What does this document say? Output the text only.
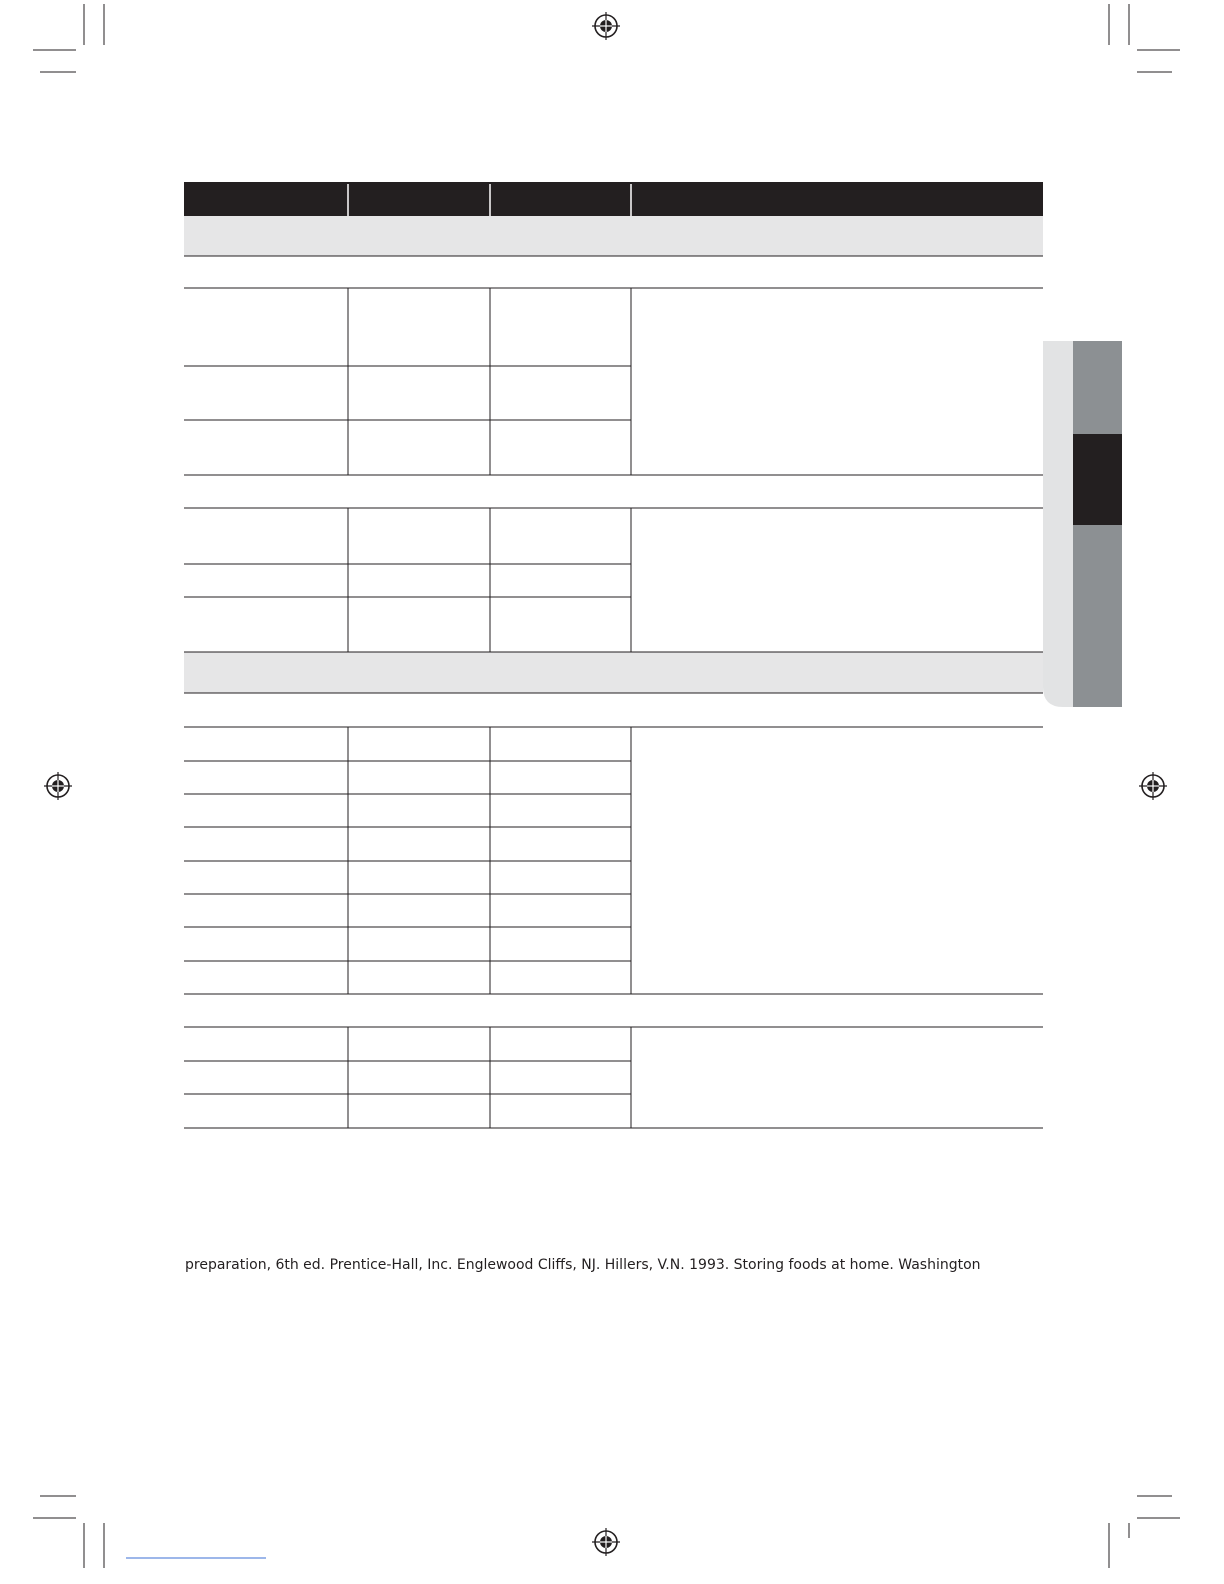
preparation, 6th ed. Prentice-Hall, Inc. Englewood Cliffs, NJ. Hillers, V.N. 1993. Storing foods at home. Washington
